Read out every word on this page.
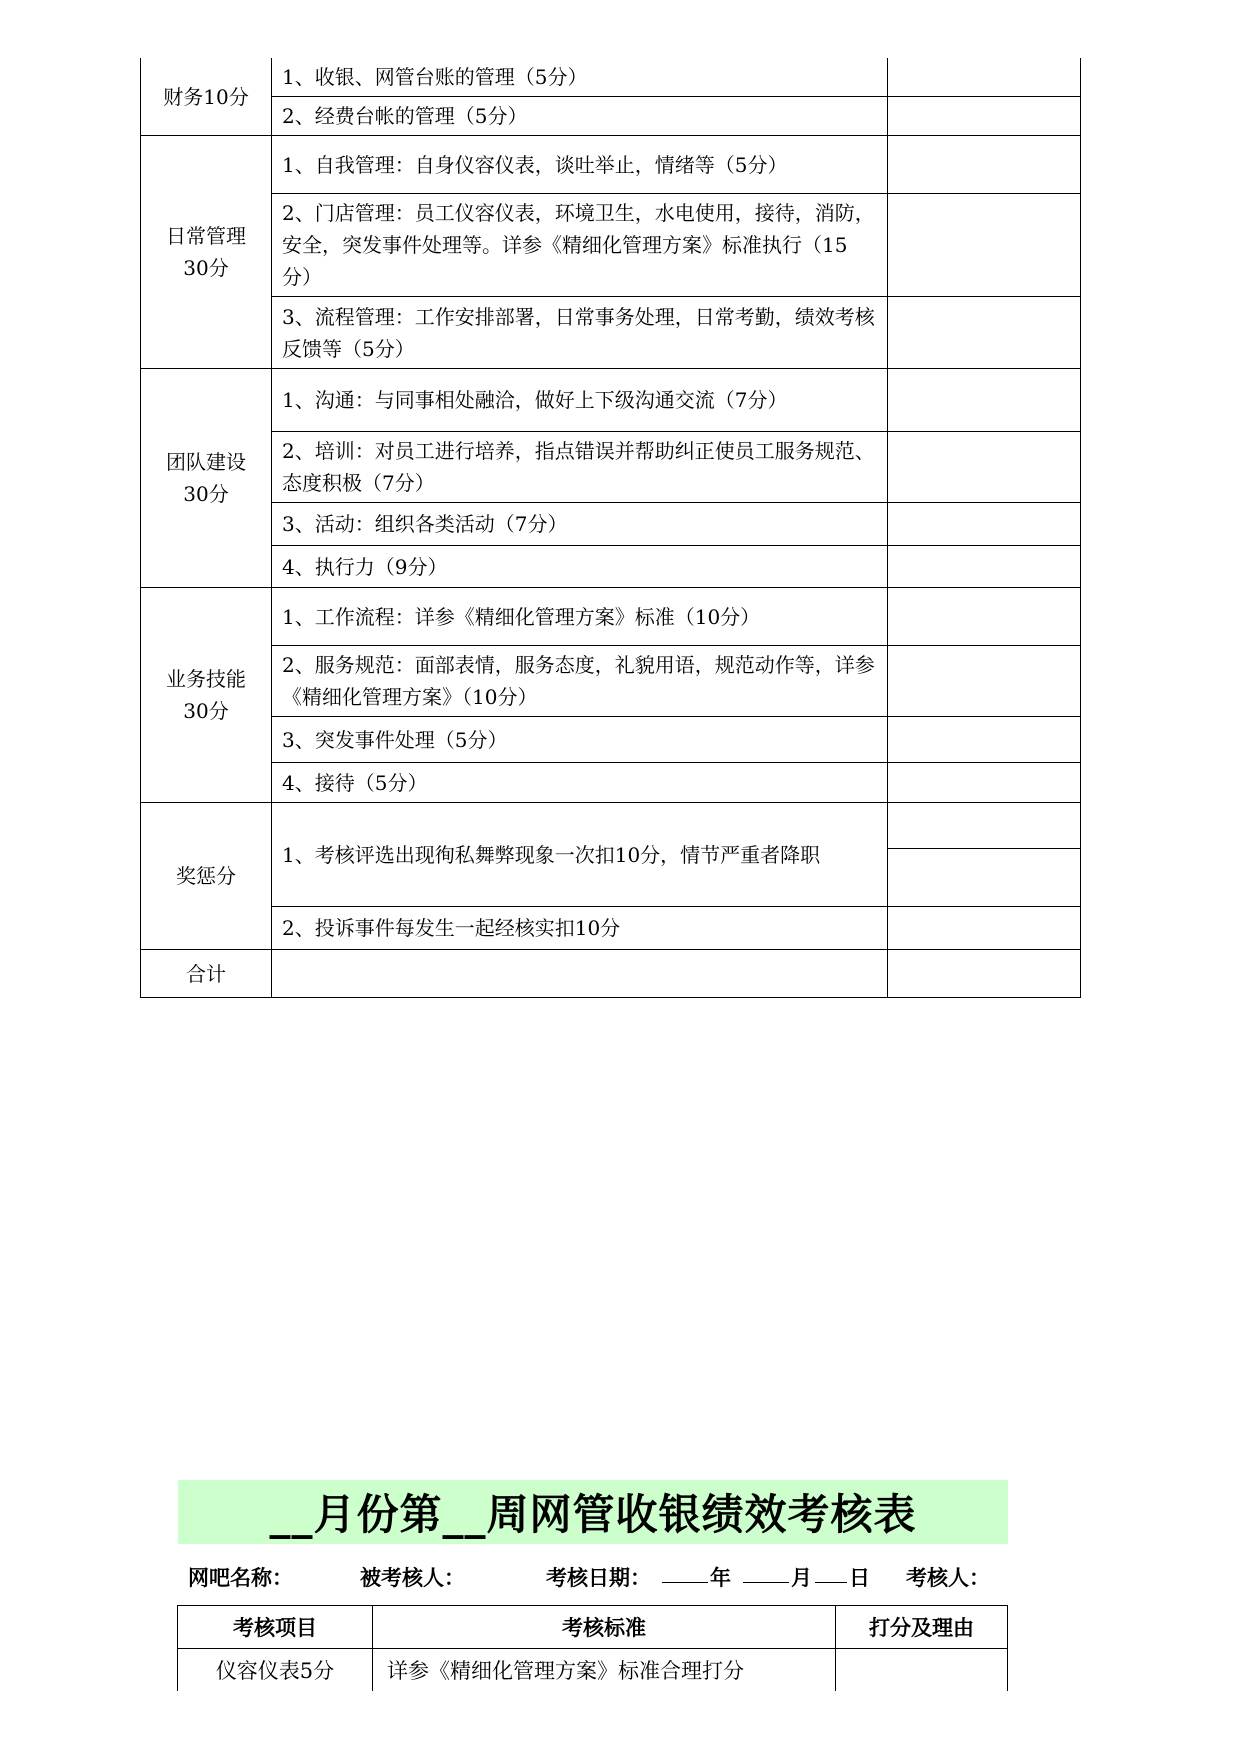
财务10分	1、收银、网管台账的管理（5分）	
	2、经费台帐的管理（5分）	

日常管理
30分	1、自我管理：自身仪容仪表，谈吐举止，情绪等（5分）	
	2、门店管理：员工仪容仪表，环境卫生，水电使用，接待，消防，安全，突发事件处理等。详参《精细化管理方案》标准执行（15分）	
	3、流程管理：工作安排部署，日常事务处理，日常考勤，绩效考核反馈等（5分）	

团队建设
30分	1、沟通：与同事相处融洽，做好上下级沟通交流（7分）	
	2、培训：对员工进行培养，指点错误并帮助纠正使员工服务规范、态度积极（7分）	
	3、活动：组织各类活动（7分）	
	4、执行力（9分）	

业务技能
30分	1、工作流程：详参《精细化管理方案》标准（10分）	
	2、服务规范：面部表情，服务态度，礼貌用语，规范动作等，详参《精细化管理方案》（10分）	
	3、突发事件处理（5分）	
	4、接待（5分）	
奖惩分	1、考核评选出现徇私舞弊现象一次扣10分，情节严重者降职	

	2、投诉事件每发生一起经核实扣10分	
合计		
__月份第__周网管收银绩效考核表
网吧名称：	被考核人：	考核日期：	年	月 日 考核人：
考核项目	考核标准	打分及理由
仪容仪表5分	详参《精细化管理方案》标准合理打分	
